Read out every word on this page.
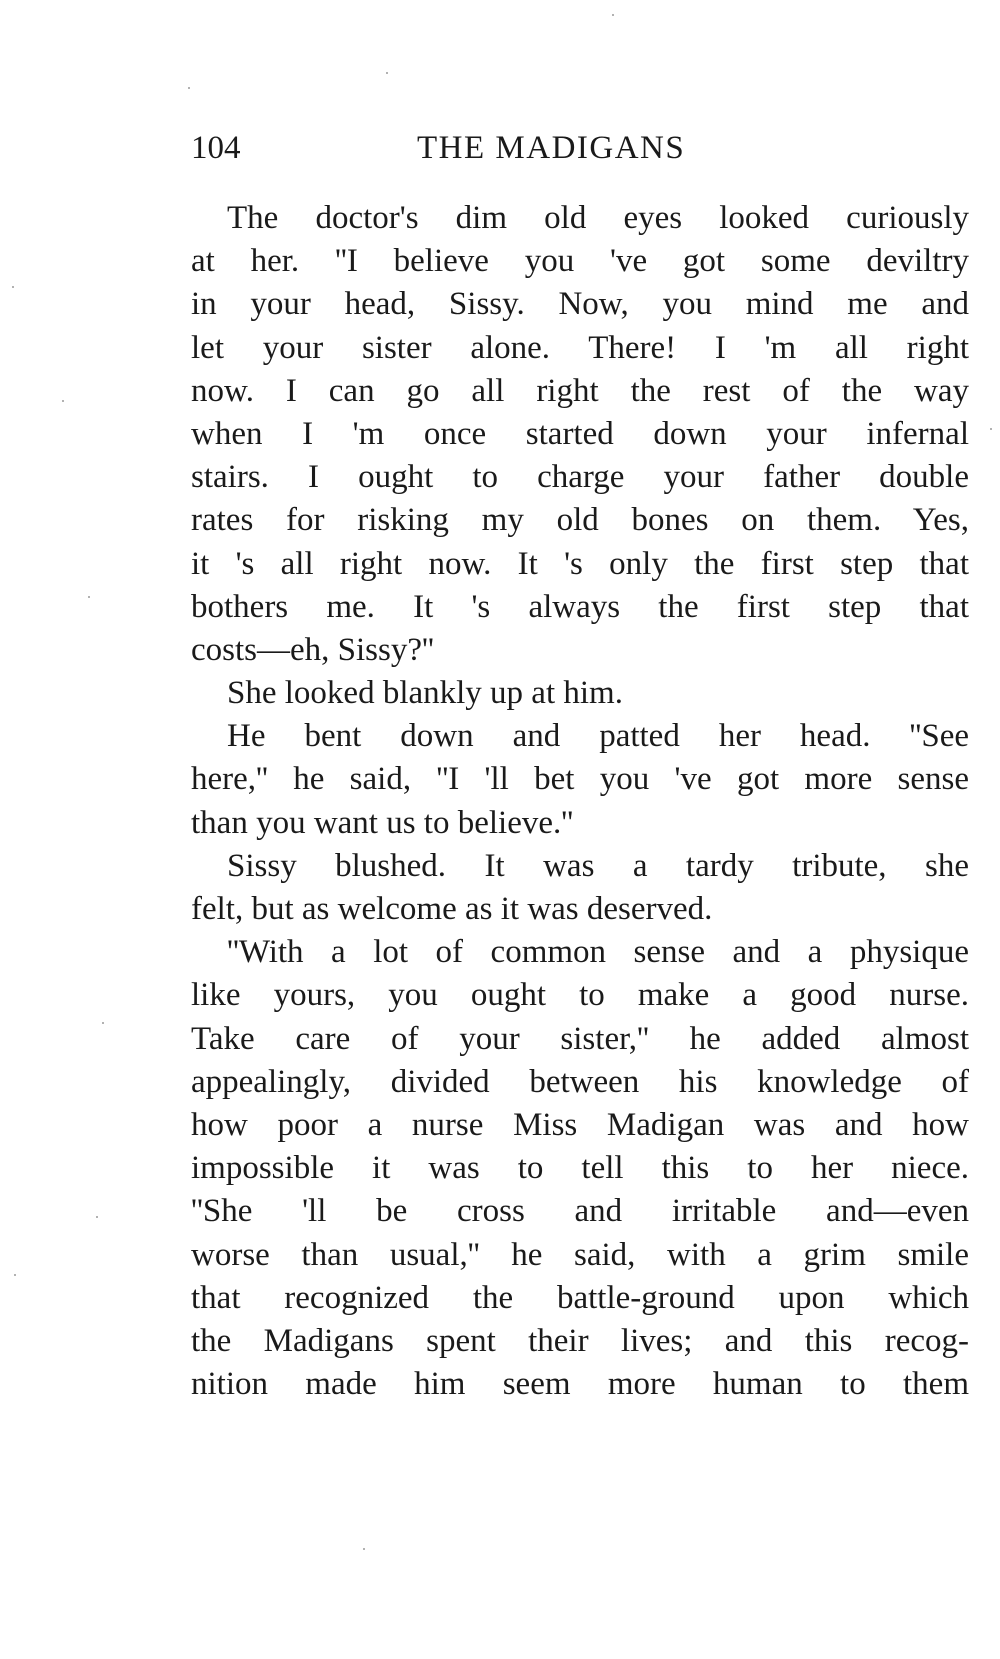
104	THE MADIGANS
The doctor's dim old eyes looked curiously
at her. ''I believe you 've got some deviltry
in your head, Sissy. Now, you mind me and
let your sister alone. There! I 'm all right
now. I can go all right the rest of the way
when I 'm once started down your infernal
stairs. I ought to charge your father double
rates for risking my old bones on them. Yes,
it 's all right now. It 's only the first step that
bothers me. It 's always the first step that
costs—eh, Sissy?''
She looked blankly up at him.
He bent down and patted her head. ''See
here,'' he said, ''I 'll bet you 've got more sense
than you want us to believe.''
Sissy blushed. It was a tardy tribute, she
felt, but as welcome as it was deserved.
''With a lot of common sense and a physique
like yours, you ought to make a good nurse.
Take care of your sister,'' he added almost
appealingly, divided between his knowledge of
how poor a nurse Miss Madigan was and how
impossible it was to tell this to her niece.
''She 'll be cross and irritable and—even
worse than usual,'' he said, with a grim smile
that recognized the battle-ground upon which
the Madigans spent their lives; and this recog-
nition made him seem more human to them
